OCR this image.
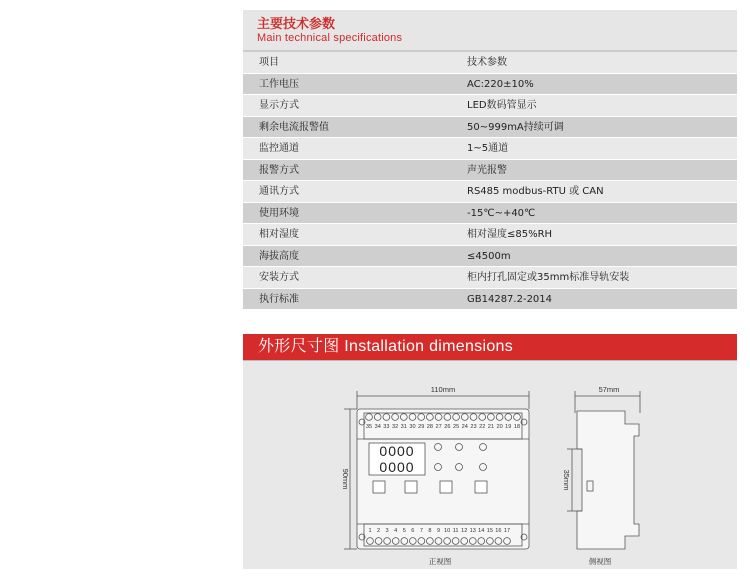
主要技术参数
Main technical specifications
项目	技术参数
工作电压	AC:220±10%
显示方式	LED数码管显示
剩余电流报警值	50~999mA持续可调
监控通道	1~5通道
报警方式	声光报警
通讯方式	RS485 modbus-RTU 或 CAN
使用环境	-15℃~+40℃
相对湿度	相对湿度≤85%RH
海拔高度	≤4500m
安装方式	柜内打孔固定或35mm标准导轨安装
执行标准	GB14287.2-2014
外形尺寸图 Installation dimensions
110mm
90mm
0000
0000
35 34 33 32 31 30 29 28 27 26 25 24 23 22 21 20 19 18
1 2 3 4 5 6 7 8 9 10 11 12 13 14 15 16 17
正视图
57mm
35mm
侧视图
